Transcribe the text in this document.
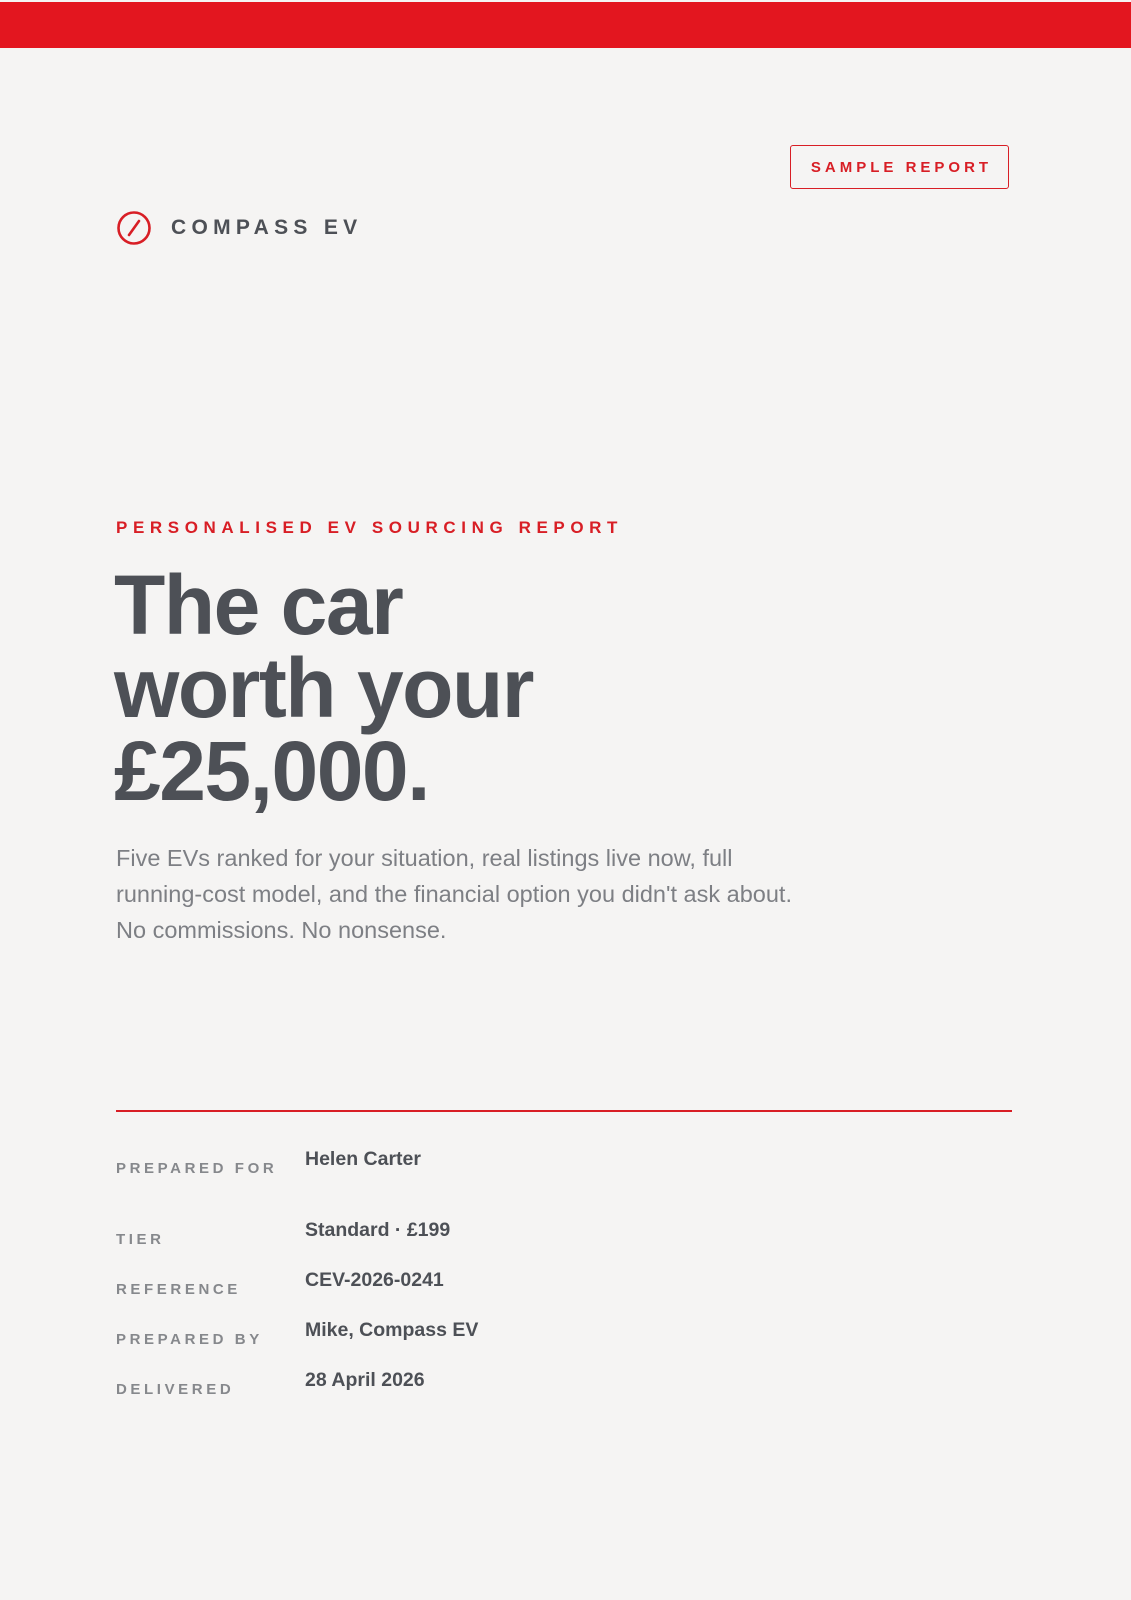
SAMPLE REPORT
COMPASS EV
PERSONALISED EV SOURCING REPORT
The car
worth your
£25,000.

Five EVs ranked for your situation, real listings live now, full running-cost model, and the financial option you didn't ask about. No commissions. No nonsense.

PREPARED FOR	Helen Carter
TIER	Standard · £199
REFERENCE	CEV-2026-0241
PREPARED BY	Mike, Compass EV
DELIVERED	28 April 2026
